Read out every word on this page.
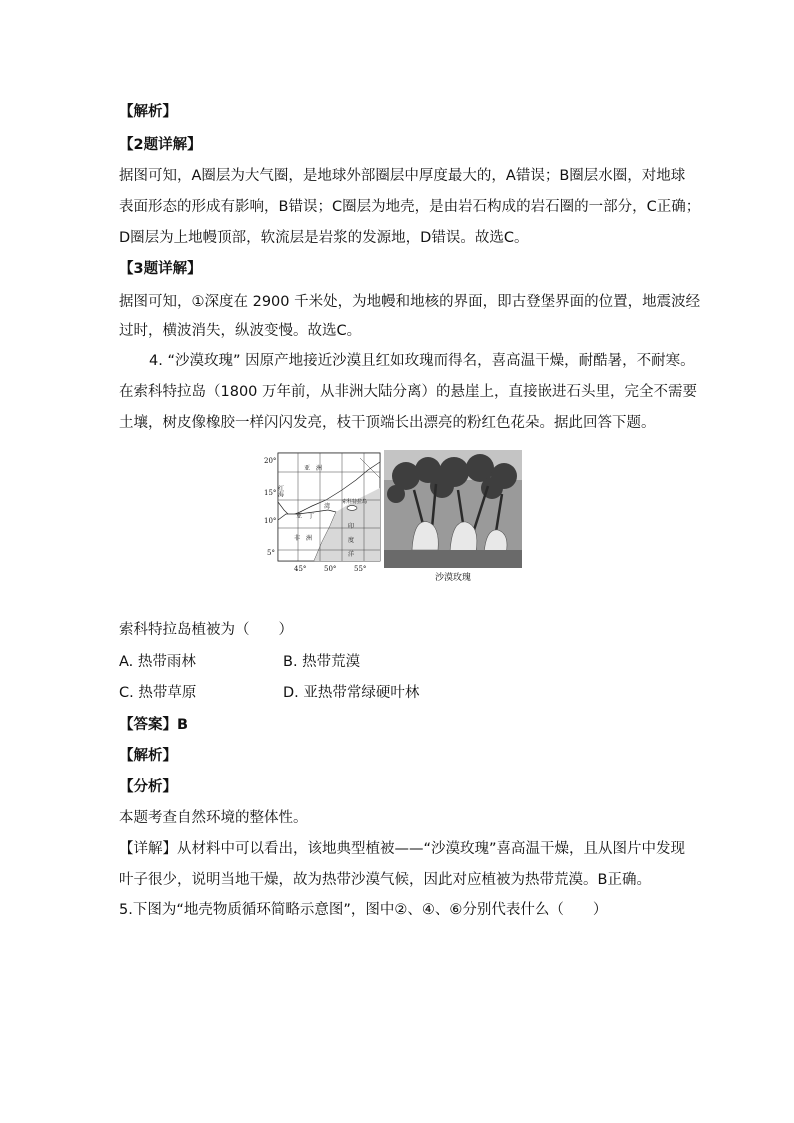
【解析】
【2题详解】
据图可知，A圈层为大气圈，是地球外部圈层中厚度最大的，A错误；B圈层水圈，对地球
表面形态的形成有影响，B错误；C圈层为地壳，是由岩石构成的岩石圈的一部分，C正确；
D圈层为上地幔顶部，软流层是岩浆的发源地，D错误。故选C。
【3题详解】
据图可知，①深度在 2900 千米处，为地幔和地核的界面，即古登堡界面的位置，地震波经
过时，横波消失，纵波变慢。故选C。
4. “沙漠玫瑰” 因原产地接近沙漠且红如玫瑰而得名，喜高温干燥，耐酷暑，不耐寒。
在索科特拉岛（1800 万年前，从非洲大陆分离）的悬崖上，直接嵌进石头里，完全不需要
土壤，树皮像橡胶一样闪闪发亮，枝干顶端长出漂亮的粉红色花朵。据此回答下题。
20°
15°
10°
5°
45°	50°	55°
亚　洲
红海
亚　丁
湾
索科特拉岛
非　洲
印
度
洋
沙漠玫瑰
索科特拉岛植被为（　　）
A. 热带雨林	B. 热带荒漠
C. 热带草原	D. 亚热带常绿硬叶林
【答案】B
【解析】
【分析】
本题考查自然环境的整体性。
【详解】从材料中可以看出，该地典型植被——“沙漠玫瑰”喜高温干燥，且从图片中发现
叶子很少，说明当地干燥，故为热带沙漠气候，因此对应植被为热带荒漠。B正确。
5.下图为“地壳物质循环简略示意图”，图中②、④、⑥分别代表什么（　　）
